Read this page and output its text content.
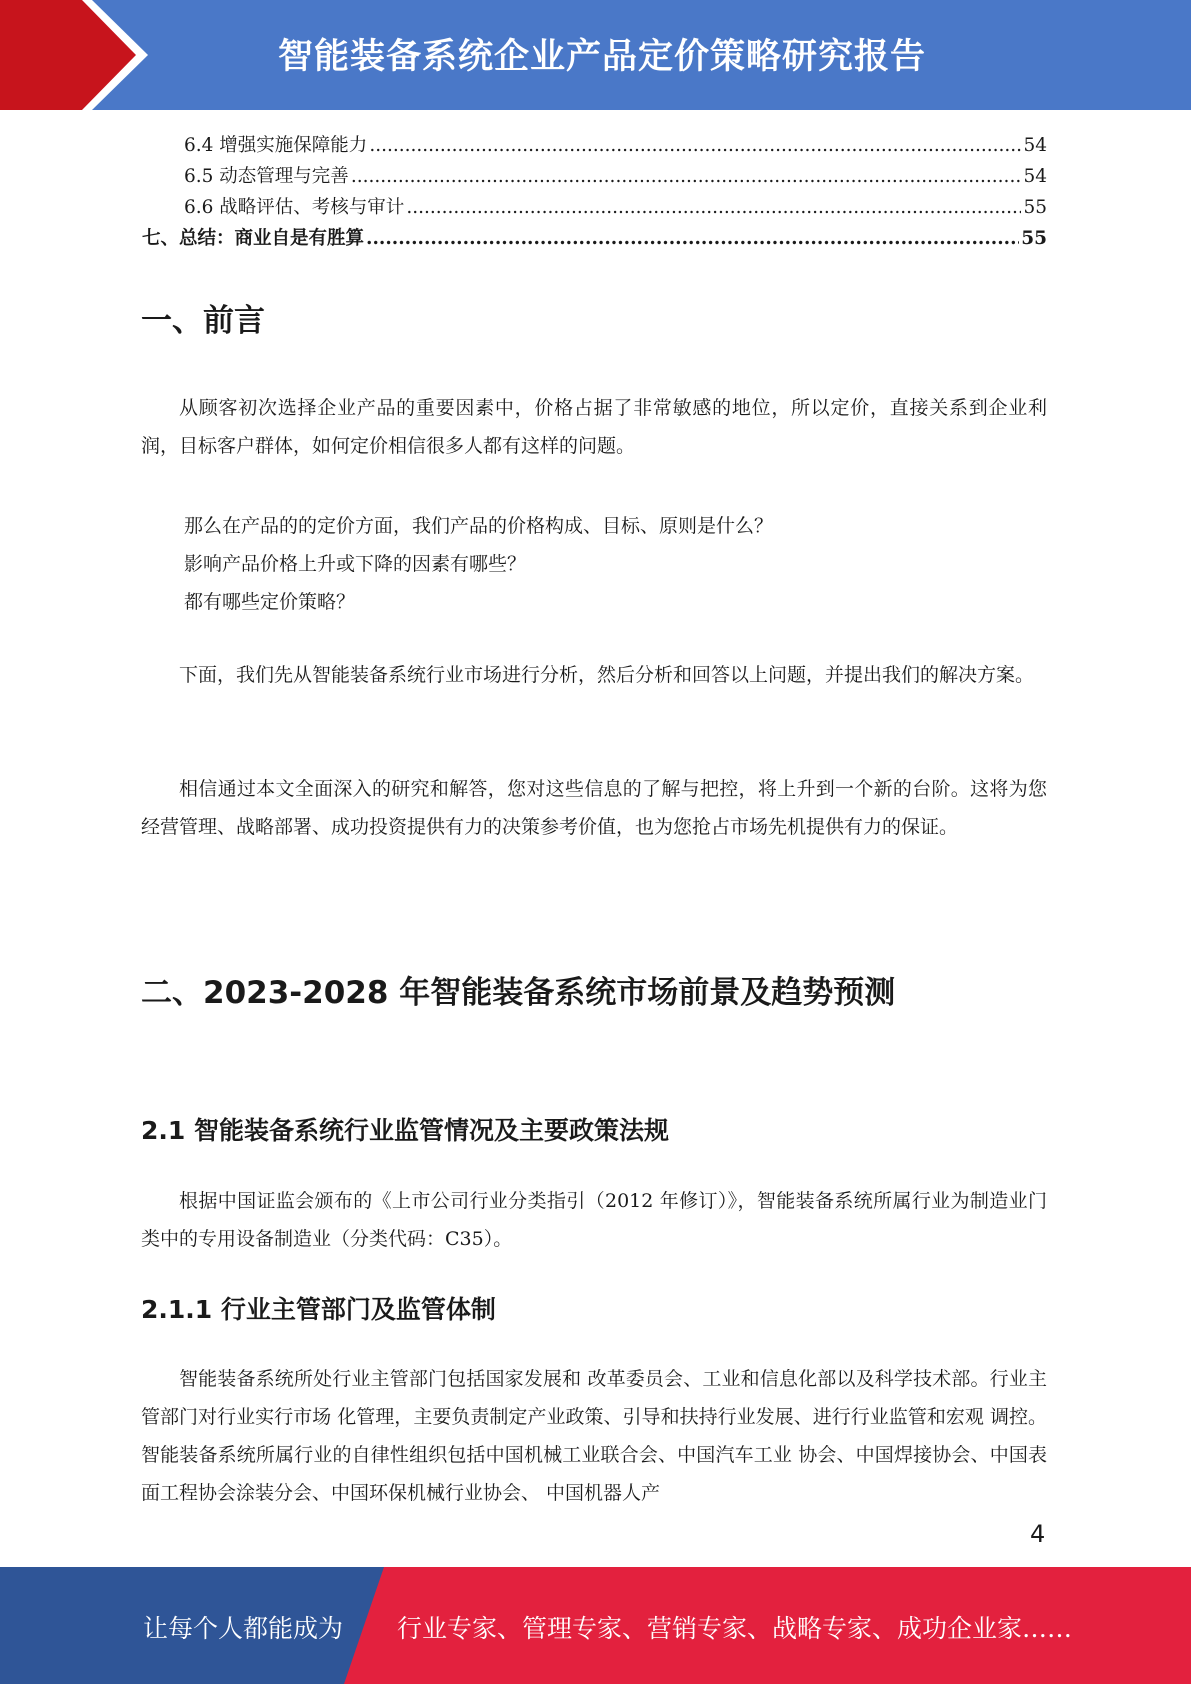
智能装备系统企业产品定价策略研究报告
6.4 增强实施保障能力 .....	54
6.5 动态管理与完善 .....	54
6.6 战略评估、考核与审计 .....	55
七、总结：商业自是有胜算 .....	55
一、前言
从顾客初次选择企业产品的重要因素中，价格占据了非常敏感的地位，所以定价，直接关系到企业利润，目标客户群体，如何定价相信很多人都有这样的问题。
那么在产品的的定价方面，我们产品的价格构成、目标、原则是什么？
影响产品价格上升或下降的因素有哪些？
都有哪些定价策略？
下面，我们先从智能装备系统行业市场进行分析，然后分析和回答以上问题，并提出我们的解决方案。
相信通过本文全面深入的研究和解答，您对这些信息的了解与把控，将上升到一个新的台阶。这将为您经营管理、战略部署、成功投资提供有力的决策参考价值，也为您抢占市场先机提供有力的保证。
二、2023-2028 年智能装备系统市场前景及趋势预测
2.1 智能装备系统行业监管情况及主要政策法规
根据中国证监会颁布的《上市公司行业分类指引（2012 年修订）》，智能装备系统所属行业为制造业门类中的专用设备制造业（分类代码：C35）。
2.1.1 行业主管部门及监管体制
智能装备系统所处行业主管部门包括国家发展和 改革委员会、工业和信息化部以及科学技术部。行业主管部门对行业实行市场 化管理，主要负责制定产业政策、引导和扶持行业发展、进行行业监管和宏观 调控。智能装备系统所属行业的自律性组织包括中国机械工业联合会、中国汽车工业 协会、中国焊接协会、中国表面工程协会涂装分会、中国环保机械行业协会、 中国机器人产
4
让每个人都能成为 行业专家、管理专家、营销专家、战略专家、成功企业家……
